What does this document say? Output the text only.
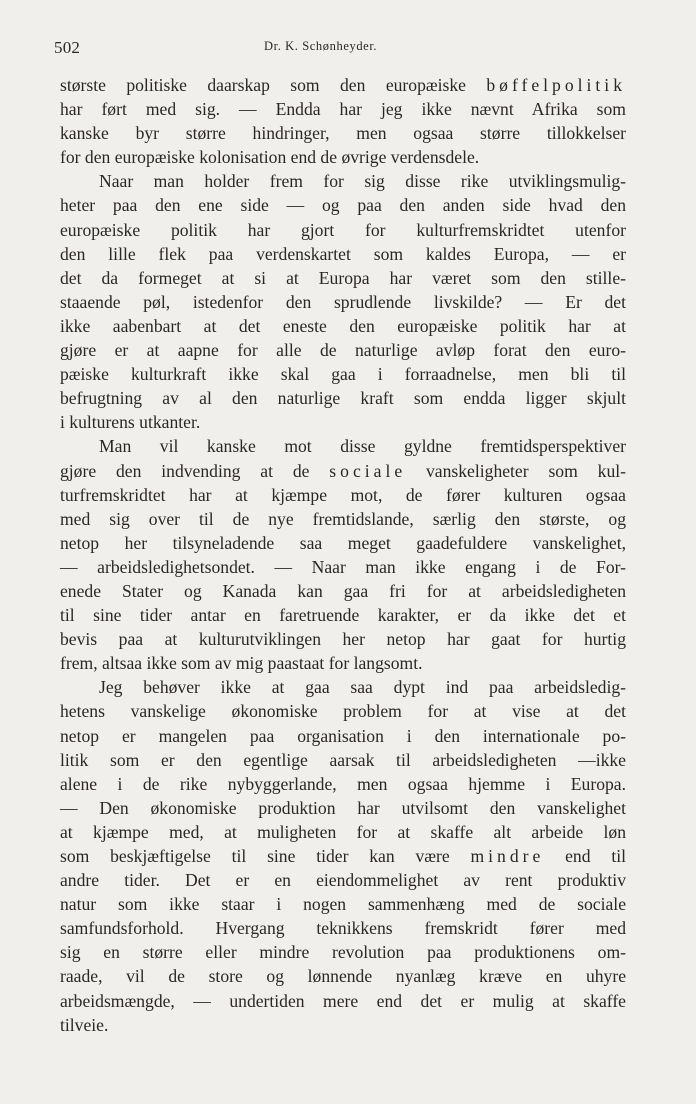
502	Dr. K. Schønheyder.
største politiske daarskap som den europæiske bøffelpolitik
har ført med sig. — Endda har jeg ikke nævnt Afrika som
kanske byr større hindringer, men ogsaa større tillokkelser
for den europæiske kolonisation end de øvrige verdensdele.
Naar man holder frem for sig disse rike utviklingsmulig-
heter paa den ene side — og paa den anden side hvad den
europæiske politik har gjort for kulturfremskridtet utenfor
den lille flek paa verdenskartet som kaldes Europa, — er
det da formeget at si at Europa har været som den stille-
staaende pøl, istedenfor den sprudlende livskilde? — Er det
ikke aabenbart at det eneste den europæiske politik har at
gjøre er at aapne for alle de naturlige avløp forat den euro-
pæiske kulturkraft ikke skal gaa i forraadnelse, men bli til
befrugtning av al den naturlige kraft som endda ligger skjult
i kulturens utkanter.
Man vil kanske mot disse gyldne fremtidsperspektiver
gjøre den indvending at de sociale vanskeligheter som kul-
turfremskridtet har at kjæmpe mot, de fører kulturen ogsaa
med sig over til de nye fremtidslande, særlig den største, og
netop her tilsyneladende saa meget gaadefuldere vanskelighet,
— arbeidsledighetsondet. — Naar man ikke engang i de For-
enede Stater og Kanada kan gaa fri for at arbeidsledigheten
til sine tider antar en faretruende karakter, er da ikke det et
bevis paa at kulturutviklingen her netop har gaat for hurtig
frem, altsaa ikke som av mig paastaat for langsomt.
Jeg behøver ikke at gaa saa dypt ind paa arbeidsledig-
hetens vanskelige økonomiske problem for at vise at det
netop er mangelen paa organisation i den internationale po-
litik som er den egentlige aarsak til arbeidsledigheten —ikke
alene i de rike nybyggerlande, men ogsaa hjemme i Europa.
— Den økonomiske produktion har utvilsomt den vanskelighet
at kjæmpe med, at muligheten for at skaffe alt arbeide løn
som beskjæftigelse til sine tider kan være mindre end til
andre tider. Det er en eiendommelighet av rent produktiv
natur som ikke staar i nogen sammenhæng med de sociale
samfundsforhold. Hvergang teknikkens fremskridt fører med
sig en større eller mindre revolution paa produktionens om-
raade, vil de store og lønnende nyanlæg kræve en uhyre
arbeidsmængde, — undertiden mere end det er mulig at skaffe
tilveie.
